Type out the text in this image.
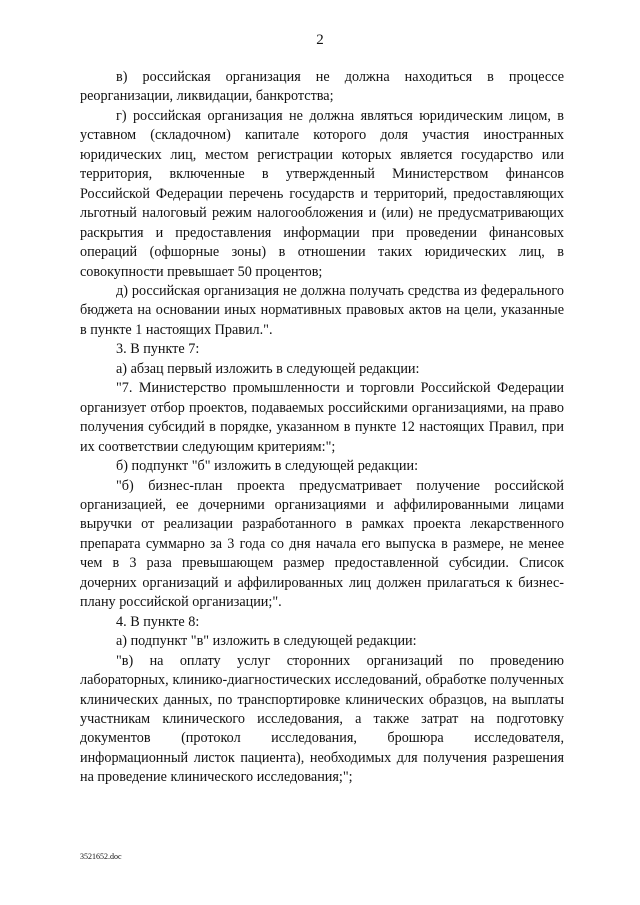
2

в) российская организация не должна находиться в процессе реорганизации, ликвидации, банкротства;

г) российская организация не должна являться юридическим лицом, в уставном (складочном) капитале которого доля участия иностранных юридических лиц, местом регистрации которых является государство или территория, включенные в утвержденный Министерством финансов Российской Федерации перечень государств и территорий, предоставляющих льготный налоговый режим налогообложения и (или) не предусматривающих раскрытия и предоставления информации при проведении финансовых операций (офшорные зоны) в отношении таких юридических лиц, в совокупности превышает 50 процентов;

д) российская организация не должна получать средства из федерального бюджета на основании иных нормативных правовых актов на цели, указанные в пункте 1 настоящих Правил.".

3. В пункте 7:

а) абзац первый изложить в следующей редакции:

"7. Министерство промышленности и торговли Российской Федерации организует отбор проектов, подаваемых российскими организациями, на право получения субсидий в порядке, указанном в пункте 12 настоящих Правил, при их соответствии следующим критериям:";

б) подпункт "б" изложить в следующей редакции:

"б) бизнес-план проекта предусматривает получение российской организацией, ее дочерними организациями и аффилированными лицами выручки от реализации разработанного в рамках проекта лекарственного препарата суммарно за 3 года со дня начала его выпуска в размере, не менее чем в 3 раза превышающем размер предоставленной субсидии. Список дочерних организаций и аффилированных лиц должен прилагаться к бизнес-плану российской организации;".

4. В пункте 8:

а) подпункт "в" изложить в следующей редакции:

"в) на оплату услуг сторонних организаций по проведению лабораторных, клинико-диагностических исследований, обработке полученных клинических данных, по транспортировке клинических образцов, на выплаты участникам клинического исследования, а также затрат на подготовку документов (протокол исследования, брошюра исследователя, информационный листок пациента), необходимых для получения разрешения на проведение клинического исследования;";

3521652.doc
